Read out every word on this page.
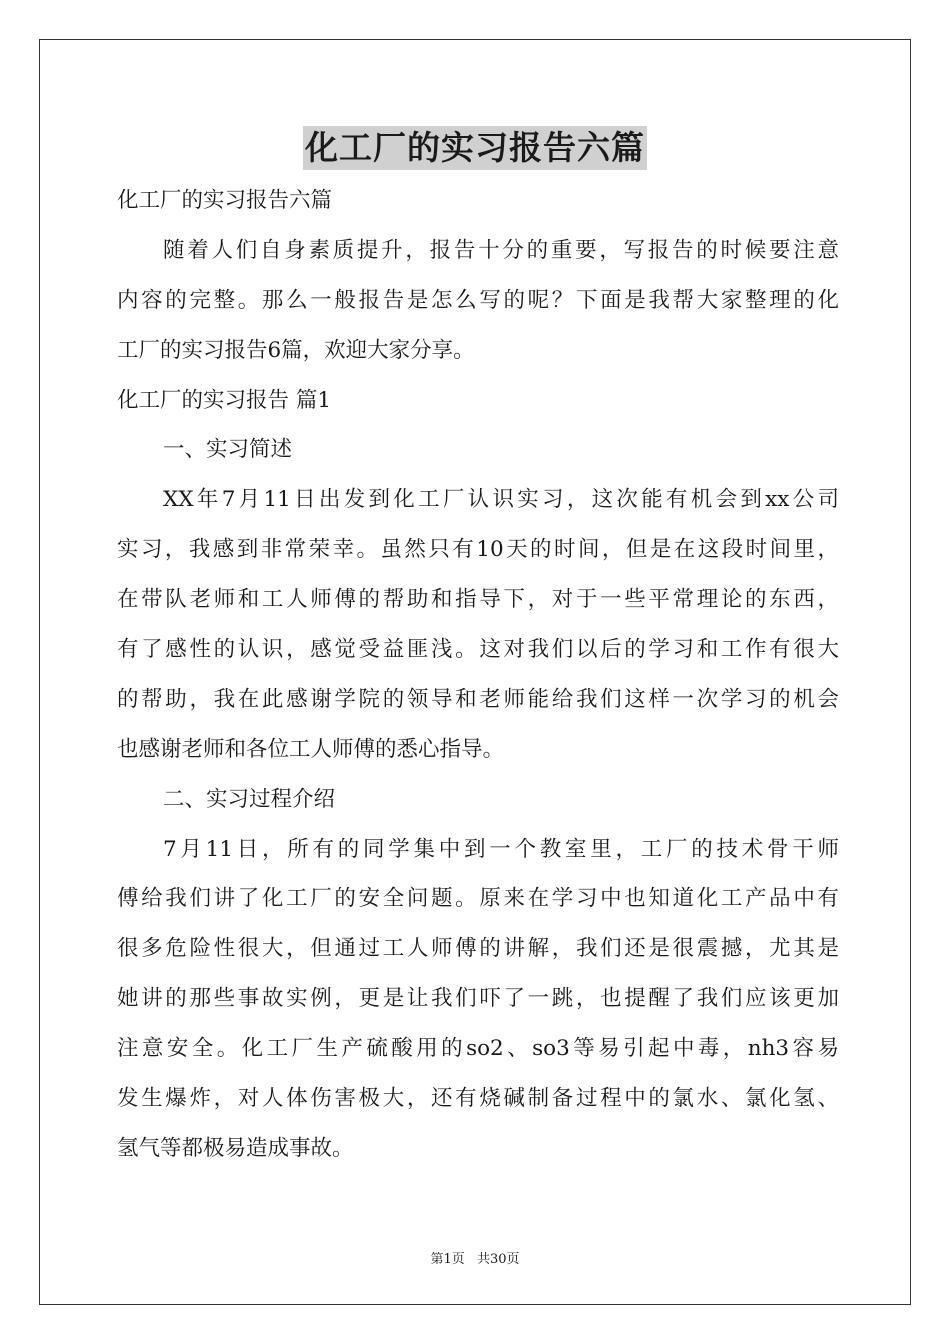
化工厂的实习报告六篇
化工厂的实习报告六篇
随着人们自身素质提升，报告十分的重要，写报告的时候要注意
内容的完整。那么一般报告是怎么写的呢？下面是我帮大家整理的化
工厂的实习报告6篇，欢迎大家分享。
化工厂的实习报告 篇1
一、实习简述
XX年7月11日出发到化工厂认识实习，这次能有机会到xx公司
实习，我感到非常荣幸。虽然只有10天的时间，但是在这段时间里，
在带队老师和工人师傅的帮助和指导下，对于一些平常理论的东西，
有了感性的认识，感觉受益匪浅。这对我们以后的学习和工作有很大
的帮助，我在此感谢学院的领导和老师能给我们这样一次学习的机会
也感谢老师和各位工人师傅的悉心指导。
二、实习过程介绍
7月11日，所有的同学集中到一个教室里，工厂的技术骨干师
傅给我们讲了化工厂的安全问题。原来在学习中也知道化工产品中有
很多危险性很大，但通过工人师傅的讲解，我们还是很震撼，尤其是
她讲的那些事故实例，更是让我们吓了一跳，也提醒了我们应该更加
注意安全。化工厂生产硫酸用的so2、so3等易引起中毒，nh3容易
发生爆炸，对人体伤害极大，还有烧碱制备过程中的氯水、氯化氢、
氢气等都极易造成事故。
第1页 共30页
